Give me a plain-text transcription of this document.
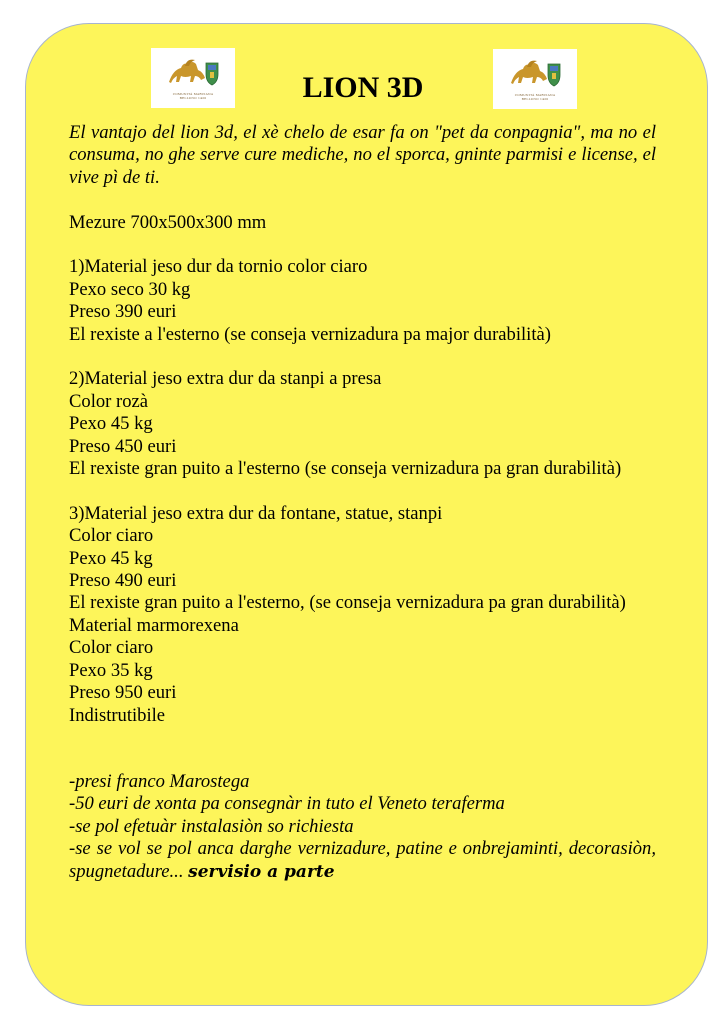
COMUNITÀ MARCIANA
BELLUNO 1420	LION 3D	COMUNITÀ MARCIANA
BELLUNO 1420

El vantajo del lion 3d, el xè chelo de esar fa on "pet da conpagnia", ma no el consuma, no ghe serve cure mediche, no el sporca, gninte parmisi e license, el vive pì de ti.

Mezure 700x500x300 mm

1)Material jeso dur da tornio color ciaro

Pexo seco 30 kg

Preso 390 euri

El rexiste a l'esterno (se conseja vernizadura pa major durabilità)

2)Material jeso extra dur da stanpi a presa

Color rozà

Pexo 45 kg

Preso 450 euri

El rexiste gran puito a l'esterno (se conseja vernizadura pa gran durabilità)

3)Material jeso extra dur da fontane, statue, stanpi

Color ciaro

Pexo 45 kg

Preso 490 euri

El rexiste gran puito a l'esterno, (se conseja vernizadura pa gran durabilità)

Material marmorexena

Color ciaro

Pexo 35 kg

Preso 950 euri

Indistrutibile

-presi franco Marostega

-50 euri de xonta pa consegnàr in tuto el Veneto teraferma

-se pol efetuàr instalasiòn so richiesta

-se se vol se pol anca darghe vernizadure, patine e onbrejaminti, decorasiòn, spugnetadure... servisio a parte
